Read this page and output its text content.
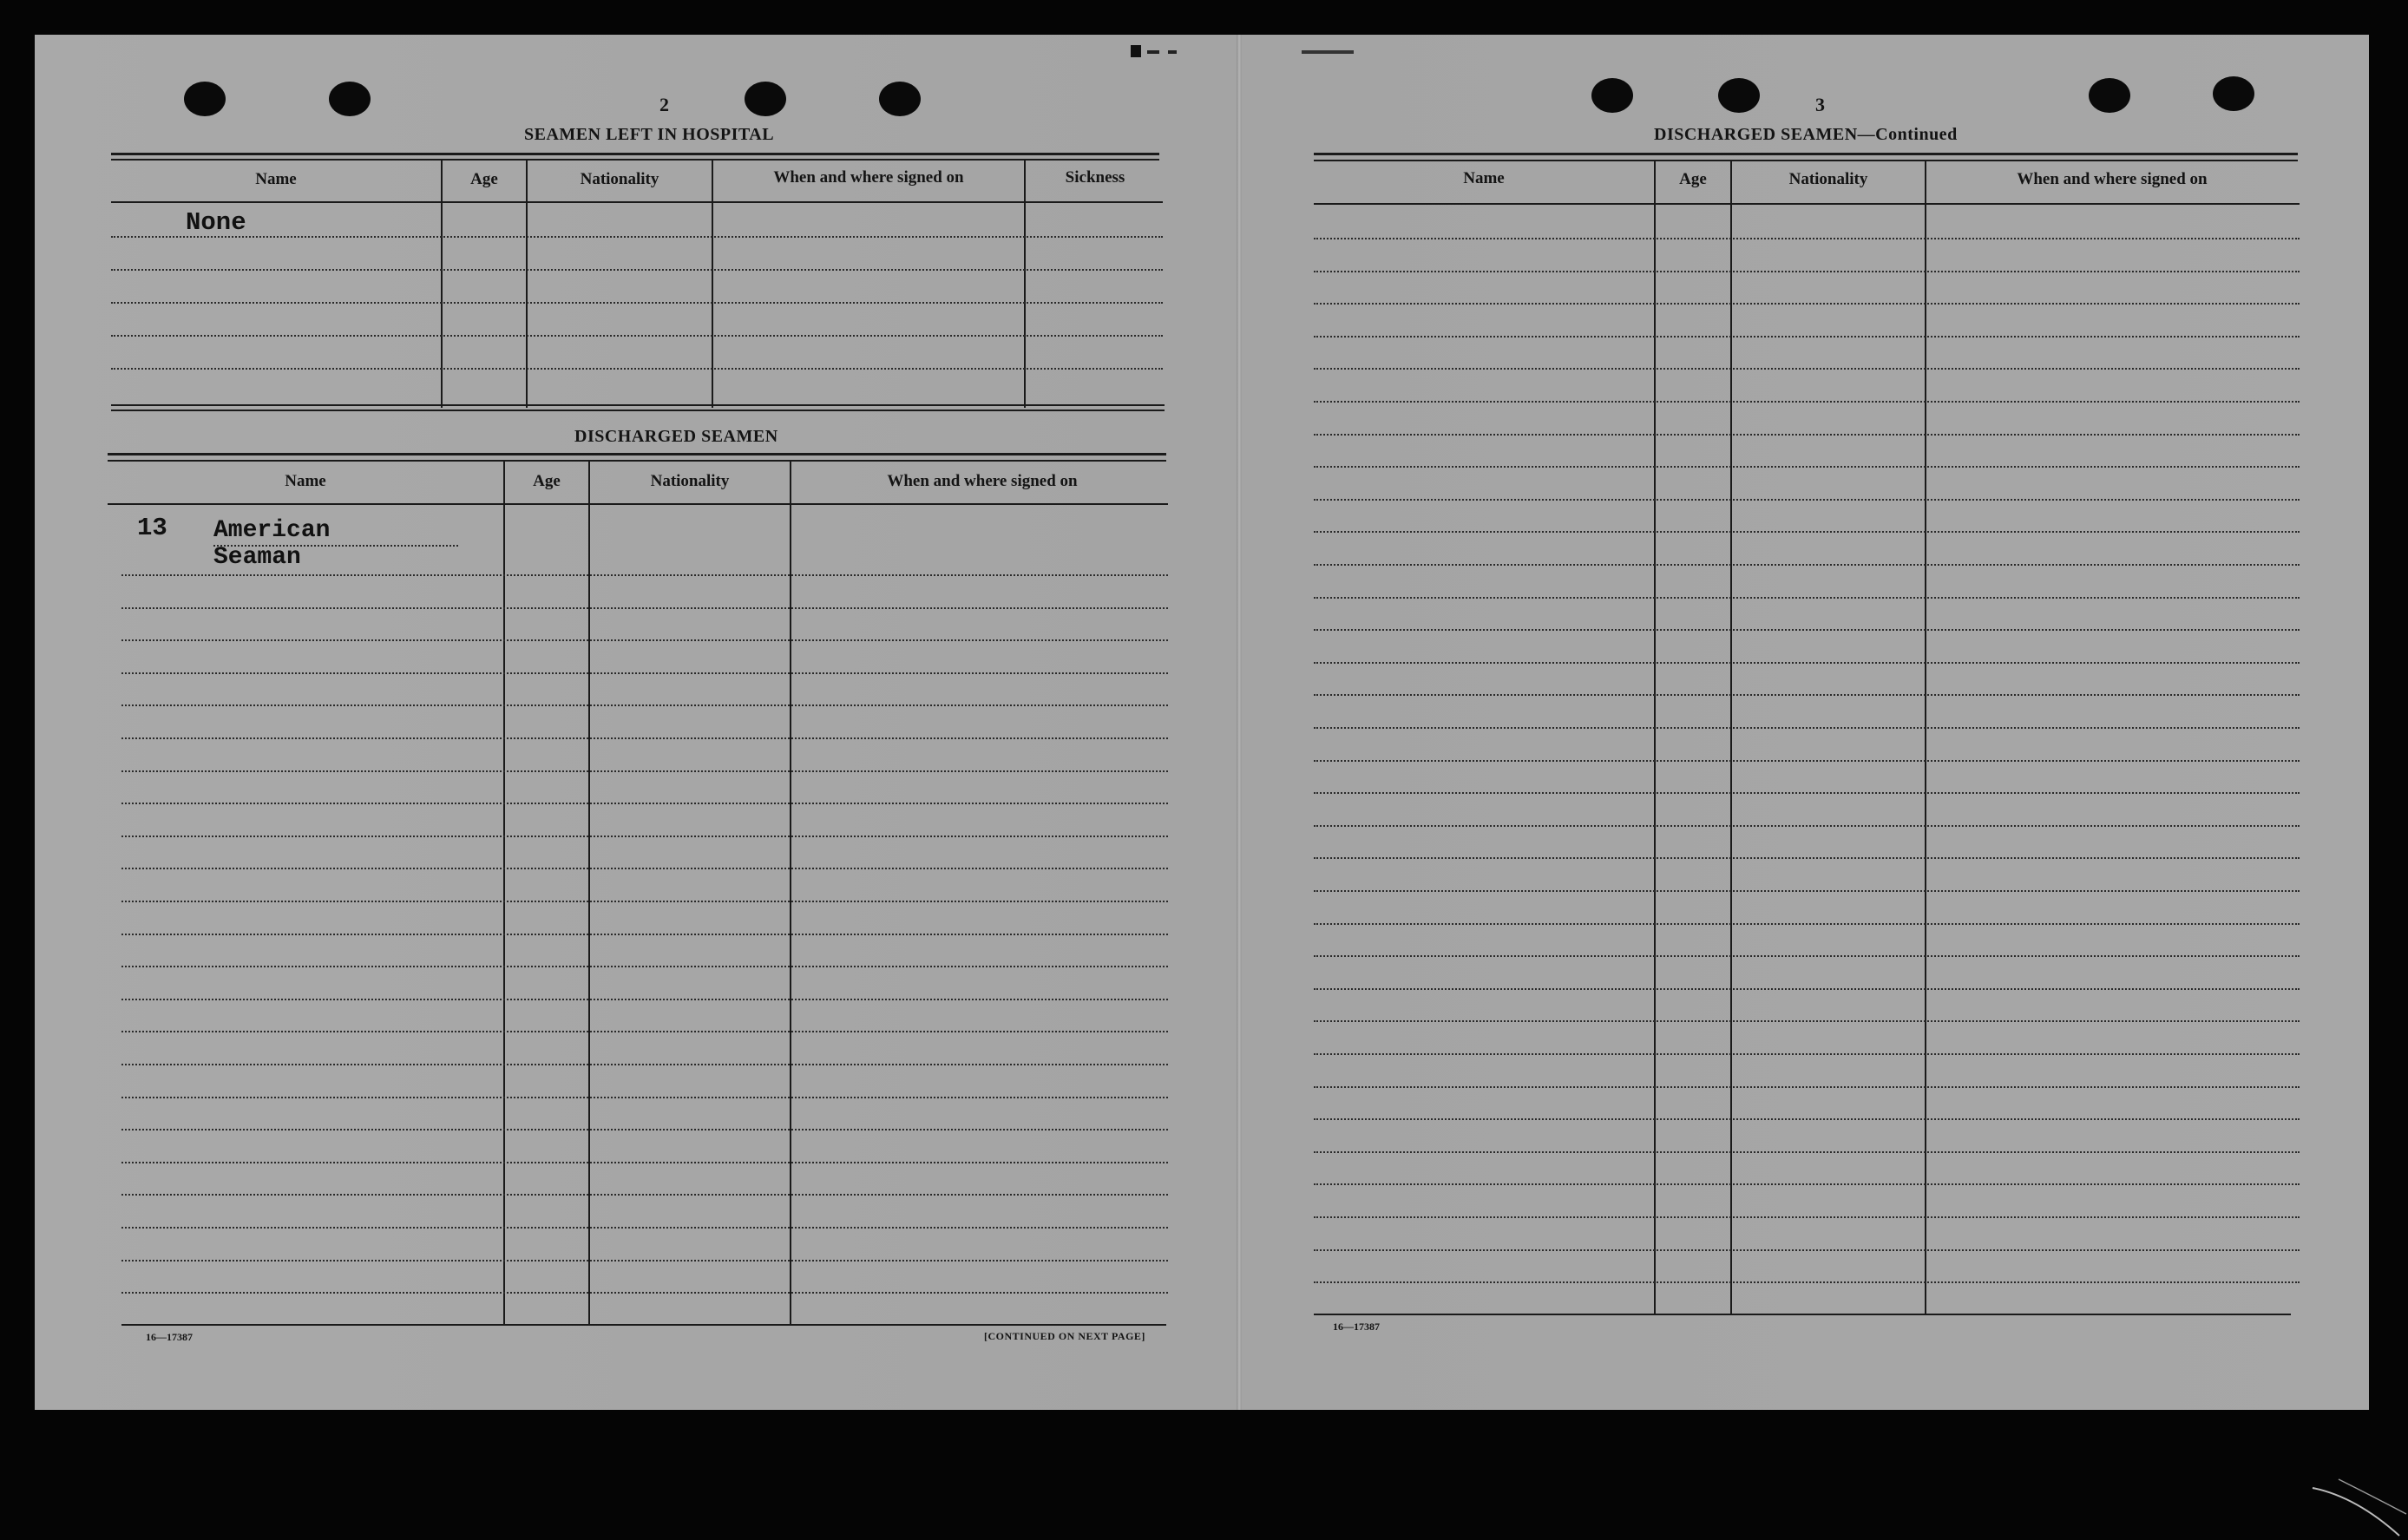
2
SEAMEN LEFT IN HOSPITAL
Name	Age	Nationality	When and where signed on	Sickness
None
DISCHARGED SEAMEN
Name	Age	Nationality	When and where signed on
13 American Seaman
16—17387	[CONTINUED ON NEXT PAGE]
3
DISCHARGED SEAMEN—Continued
Name	Age	Nationality	When and where signed on
16—17387
